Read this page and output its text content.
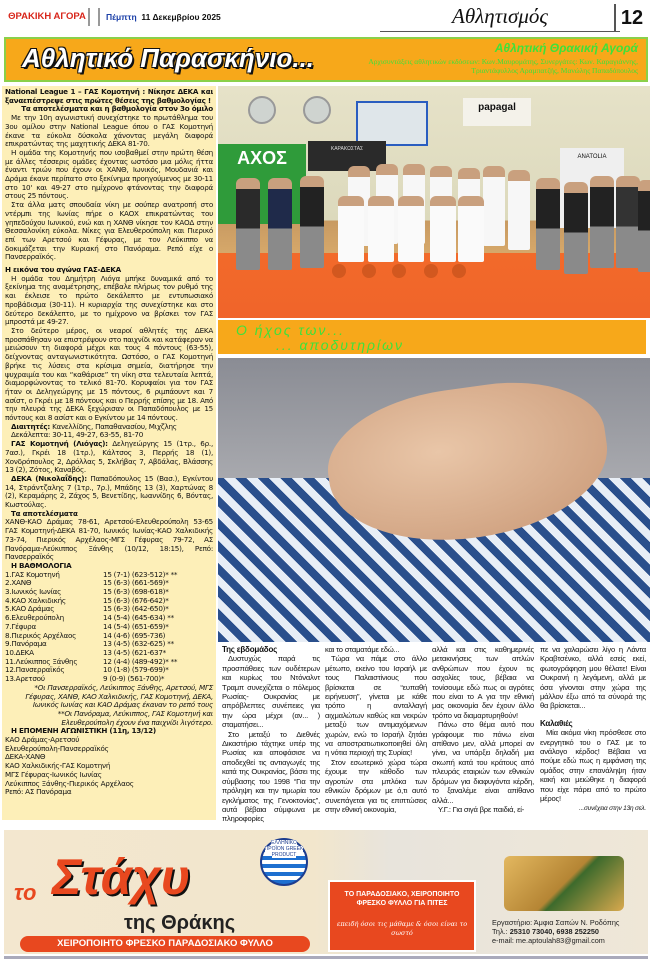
ΘΡΑΚΙΚΗ ΑΓΟΡΑ	Πέμπτη 11 Δεκεμβρίου 2025	Αθλητισμός	12
Αθλητικό Παρασκήνιο...	Αθλητική Θρακική Αγορά
Αρχισυντάξεις αθλητικών εκδόσεων: Κων.Μαυρομάτης, Συνεργάτες: Κων. Καραγιάννης, Τριαντάφυλλος Αραμπατζής, Μανώλης Παπαδόπουλος

National League 1 – ΓΑΣ Κομοτηνή : Νίκησε ΔΕΚΑ και ξαναεπέστρεψε στις πρώτες θέσεις της βαθμολογίας !

Τα αποτελέσματα και η βαθμολογία στον 3ο όμιλο

Με την 10η αγωνιστική συνεχίστηκε το πρωτάθλημα του 3ου ομίλου στην National League όπου ο ΓΑΣ Κομοτηνή έκανε τα εύκολα δύσκολα χάνοντας μεγάλη διαφορά επικρατώντας της μαχητικής ΔΕΚΑ 81-70.

Η ομάδα της Κομοτηνής που ισοβαθμεί στην πρώτη θέση με άλλες τέσσερις ομάδες έχοντας ωστόσο μια μόλις ήττα έναντι τριών που έχουν οι ΧΑΝΘ, Ιωνικός, Μουδανιά και Δράμα έκανε περίπατο στο ξεκίνημα προηγούμενος με 30-11 στο 10' και 49-27 στο ημίχρονο φτάνοντας την διαφορά στους 25 πόντους.

Στα άλλα ματς σπουδαία νίκη με σούπερ ανατροπή στο ντέρμπι της Ιωνίας πήρε ο ΚΑΟΧ επικρατώντας του γηπεδούχου Ιωνικού, ενώ και η ΧΑΝΘ νίκησε τον ΚΑΟΔ στην Θεσσαλονίκη εύκολα. Νίκες για Ελευθερούπολη και Πιερικό επί των Αρετσού και Γέφυρας, με τον Λεύκιππο να δοκιμάζεται την Κυριακή στο Πανόραμα. Ρεπό είχε ο Πανσερραϊκός.

Η εικόνα του αγώνα ΓΑΣ-ΔΕΚΑ

Η ομάδα του Δημήτρη Λιόγα μπήκε δυναμικά από το ξεκίνημα της αναμέτρησης, επέβαλε πλήρως τον ρυθμό της και έκλεισε το πρώτο δεκάλεπτο με εντυπωσιακό προβάδισμα (30-11). Η κυριαρχία της συνεχίστηκε και στο δεύτερο δεκάλεπτο, με το ημίχρονο να βρίσκει τον ΓΑΣ μπροστά με 49-27.

Στο δεύτερο μέρος, οι νεαροί αθλητές της ΔΕΚΑ προσπάθησαν να επιστρέψουν στο παιχνίδι και κατάφεραν να μειώσουν τη διαφορά μέχρι και τους 4 πόντους (63-55), δείχνοντας ανταγωνιστικότητα. Ωστόσο, ο ΓΑΣ Κομοτηνή βρήκε τις λύσεις στα κρίσιμα σημεία, διατήρησε την ψυχραιμία του και “καθάρισε” τη νίκη στα τελευταία λεπτά, διαμορφώνοντας το τελικό 81-70. Κορυφαίοι για τον ΓΑΣ ήταν οι Δεληγεώργης με 15 πόντους, 6 ριμπάουντ και 7 ασίστ, ο Γκρέι με 18 πόντους και ο Περρής επίσης με 18. Από την πλευρά της ΔΕΚΑ ξεχώρισαν οι Παπαδόπουλος με 15 πόντους και 8 ασίστ και ο Εγκίντου με 14 πόντους.

Διαιτητές: Κανελλίδης, Παπαθανασίου, Μιχζλης

Δεκάλεπτα: 30-11, 49-27, 63-55, 81-70

ΓΑΣ Κομοτηνή (Λιόγας): Δεληγεώργης 15 (1τρ., 6ρ., 7ασ.), Γκρέι 18 (1τρ.), Κάλτσος 3, Περρής 18 (1), Χονδρόπουλος 2, Δρόλλας 5, Σκλήβας 7, Αβδάλας, Βλάσσης 13 (2), Ζότος, Καναβός.

ΔΕΚΑ (Νικολαΐδης): Παπαδόπουλος 15 (Βασ.), Εγκίντου 14, Στράντζαλης 7 (1τρ., 7ρ.), Μπάδης 13 (3), Χαρτώνας 8 (2), Κεραμάρης 2, Ζάχος 5, Βενετίδης, Ιωαννίδης 6, Βόντας, Κωστούλας.

Τα αποτελέσματα

ΧΑΝΘ-ΚΑΟ Δράμας 78-61, Αρετσού-Ελευθερούπολη 53-65 ΓΑΣ Κομοτηνή-ΔΕΚΑ 81-70, Ιωνικός Ιωνίας-ΚΑΟ Χαλκιδικής 73-74, Πιερικός Αρχέλαος-ΜΓΣ Γέφυρας 79-72, ΑΣ Πανόραμα-Λεύκιππος Ξάνθης (10/12, 18:15), Ρεπό: Πανσερραϊκός

Η ΒΑΘΜΟΛΟΓΙΑ

1.ΓΑΣ Κομοτηνή	15 (7-1) (623-512)* **
2.ΧΑΝΘ	15 (6-3) (661-569)*
3.Ιωνικός Ιωνίας	15 (6-3) (698-618)*
4.ΚΑΟ Χαλκιδικής	15 (6-3) (676-642)*
5.ΚΑΟ Δράμας	15 (6-3) (642-650)*
6.Ελευθερούπολη	14 (5-4) (645-634) **
7.Γέφυρα	14 (5-4) (651-659)*
8.Πιερικός Αρχέλαος	14 (4-6) (695-736)
9.Πανόραμα	13 (4-5) (632-625) **
10.ΔΕΚΑ	13 (4-5) (621-637*
11.Λεύκιππος Ξάνθης	12 (4-4) (489-492)* **
12.Πανσερραϊκός	10 (1-8) (579-699)*
13.Αρετσού	9 (0-9) (561-700)*

*Οι Πανσερραϊκός, Λεύκιππος Ξάνθης, Αρετσού, ΜΓΣ Γέφυρας, ΧΑΝΘ, ΚΑΟ Χαλκιδικής, ΓΑΣ Κομοτηνή, ΔΕΚΑ, Ιωνικός Ιωνίας και ΚΑΟ Δράμας έκαναν το ρεπό τους

**Οι Πανόραμα, Λεύκιππος, ΓΑΣ Κομοτηνή και Ελευθερούπολη έχουν ένα παιχνίδι λιγότερο.

Η ΕΠΟΜΕΝΗ ΑΓΩΝΙΣΤΙΚΗ (11η, 13/12)

ΚΑΟ Δράμας-Αρετσού
Ελευθερούπολη-Πανσερραϊκός
ΔΕΚΑ-ΧΑΝΘ
ΚΑΟ Χαλκιδικής-ΓΑΣ Κομοτηνή
ΜΓΣ Γέφυρας-Ιωνικός Ιωνίας
Λεύκιππος Ξάνθης-Πιερικός Αρχέλαος
Ρεπό: ΑΣ Πανόραμα
papagal
ΚΑΡΑΚΩΣΤΑΣ
ΑΧΟΣ	ANATOLIA
Ο ήχος των...
... αποδυτηρίων

Της εβδομάδος

Δυστυχώς παρά τις προσπάθειες των ουδέτερων και κυρίως του Ντόναλντ Τραμπ συνεχίζεται ο πόλεμος Ρωσίας- Ουκρανίας με απρόβλεπτες συνέπειες για την ώρα μέχρι (αν... ) σταματήσει...

Στο μεταξύ το Διεθνές Δικαστήριο τάχτηκε υπέρ της Ρωσίας και αποφάσισε να αποδεχθεί τις αντιαγωγές της κατά της Ουκρανίας, βάσει της σύμβασης του 1998 “Για την πρόληψη και την τιμωρία του εγκλήματος της Γενοκτονίας”, αυτά βέβαια σύμφωνα με πληροφορίες

και το σταματάμε εδώ...

Τώρα να πάμε στο άλλο μέτωπο, εκείνο του Ισραήλ με τους Παλαιστίνιους που βρίσκεται σε “ευπαθή ειρήνευση”, γίνεται με κάθε τρόπο η ανταλλαγή αιχμαλώτων καθώς και νεκρών μεταξύ των αντιμαχόμενων χωρών, ενώ το Ισραήλ ζητάει να αποστρατιωτικοποιηθεί όλη η νότια περιοχή της Συρίας!

Στον εσωτερικό χώρα τώρα έχουμε την κάθοδο των αγροτών στα μπλόκα των εθνικών δρόμων με ό,τι αυτό συνεπάγεται για τις επιπτώσεις στην εθνική οικονομία,

αλλά και στις καθημερινές μετακινήσεις των απλών ανθρώπων που έχουν τις ασχολίες τους, βέβαια να τονίσουμε εδώ πως οι αγρότες που είναι το Α για την εθνική μας οικονομία δεν έχουν άλλο τρόπο να διαμαρτυρηθούν!

Πάνω στο θέμα αυτό που γράφουμε πιο πάνω είναι απίθανο μεν, αλλά μπορεί αν γίνει, να υπάρξει δηλαδή μια σκωπή κατά του κράτους από πλευράς εταιριών των εθνικών δρόμων για διαφυγόντα κέρδη, το ξαναλέμε είναι απίθανο αλλά...

Υ.Γ.: Για σιγά βρε παιδιά, εί-

πε να χαλαρώσει λίγο η Λάντα Κραβτσένκο, αλλά εσείς εκεί, φωτογράφηση μου θέλατε! Είναι Ουκρανή η λεγάμενη, αλλά με όσα γίνονται στην χώρα της μάλλον έξω από τα σύνορά της θα βρίσκεται...

Καλαθιές

Μία ακόμα νίκη πρόσθεσε στο ενεργητικό του ο ΓΑΣ με το ανάλογο κέρδος! Βέβαια να πούμε εδώ πως η εμφάνιση της ομάδος στην επανάληψη ήταν κακή και μειώθηκε η διαφορά που είχε πάρει από το πρώτο μέρος!

...συνέχεια στην 13η σελ.

το Στάχυ
της Θράκης
ΕΛΛΗΝΙΚΟ ΠΡΟΪΟΝ GREEK PRODUCT
ΧΕΙΡΟΠΟΙΗΤΟ ΦΡΕΣΚΟ ΠΑΡΑΔΟΣΙΑΚΟ ΦΥΛΛΟ
ΤΟ ΠΑΡΑΔΟΣΙΑΚΟ, ΧΕΙΡΟΠΟΙΗΤΟ ΦΡΕΣΚΟ ΦΥΛΛΟ ΓΙΑ ΠΙΤΕΣ
επειδή όσοι τις μάθαμε & όσοι είναι το σωστό
Εργαστήριο: Άμφια Σαπών Ν. Ροδόπης
Τηλ.: 25310 73040, 6938 252250
e-mail: me.aptoulah83@gmail.com
